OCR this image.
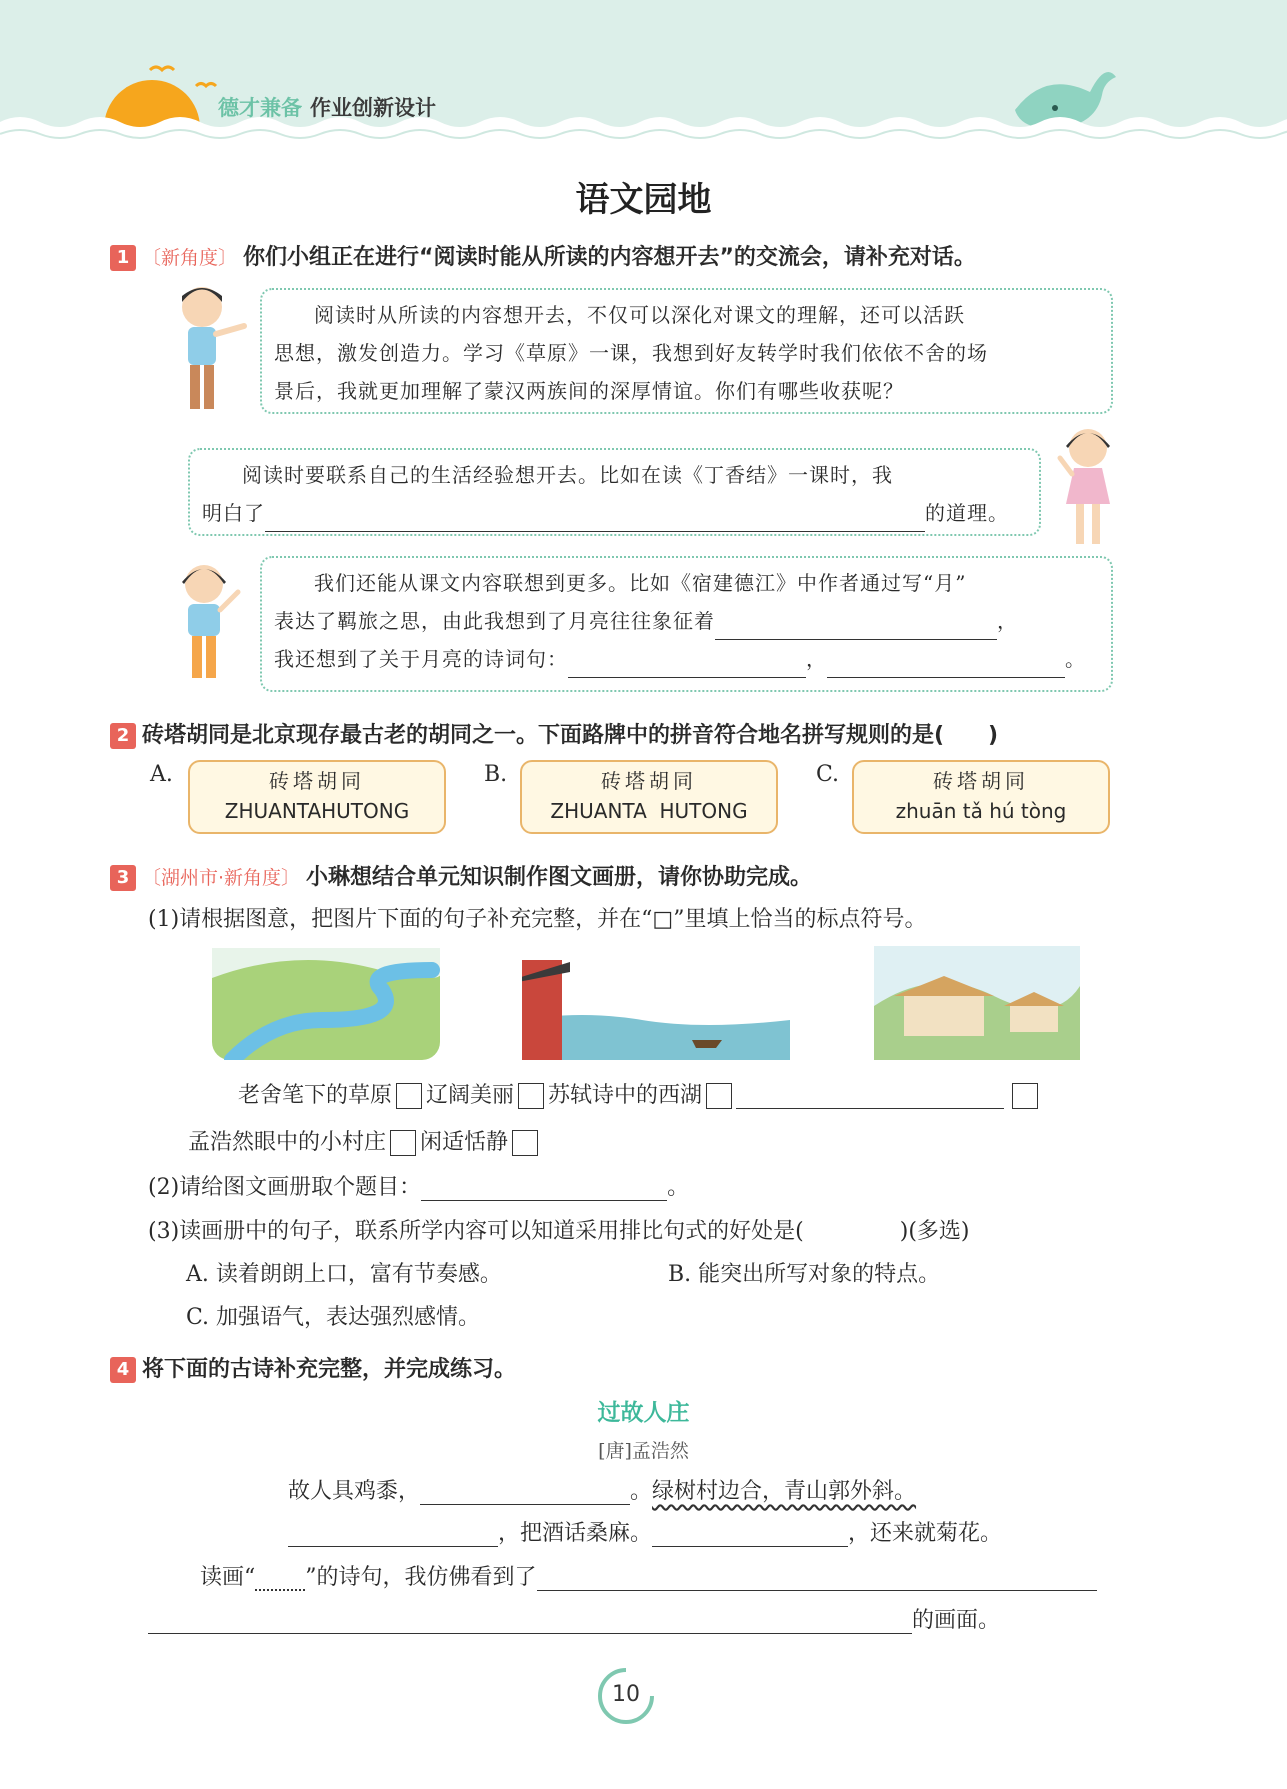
德才兼备 作业创新设计
语文园地
1 〔新角度〕 你们小组正在进行“阅读时能从所读的内容想开去”的交流会，请补充对话。
阅读时从所读的内容想开去，不仅可以深化对课文的理解，还可以活跃
思想，激发创造力。学习《草原》一课，我想到好友转学时我们依依不舍的场
景后，我就更加理解了蒙汉两族间的深厚情谊。你们有哪些收获呢？
阅读时要联系自己的生活经验想开去。比如在读《丁香结》一课时，我
明白了	的道理。
我们还能从课文内容联想到更多。比如《宿建德江》中作者通过写“月”
表达了羁旅之思，由此我想到了月亮往往象征着	，
我还想到了关于月亮的诗词句：	，	。
2 砖塔胡同是北京现存最古老的胡同之一。下面路牌中的拼音符合地名拼写规则的是(　　)
A.	砖塔胡同
ZHUANTAHUTONG
B.	砖塔胡同
ZHUANTA  HUTONG
C.	砖塔胡同
zhuān tǎ hú tòng
3 〔湖州市·新角度〕 小琳想结合单元知识制作图文画册，请你协助完成。
(1)请根据图意，把图片下面的句子补充完整，并在“□”里填上恰当的标点符号。
老舍笔下的草原 辽阔美丽 苏轼诗中的西湖
孟浩然眼中的小村庄 闲适恬静
(2)请给图文画册取个题目：	。
(3)读画册中的句子，联系所学内容可以知道采用排比句式的好处是(	)(多选)
A. 读着朗朗上口，富有节奏感。	B. 能突出所写对象的特点。
C. 加强语气，表达强烈感情。
4 将下面的古诗补充完整，并完成练习。
过故人庄
[唐]孟浩然
故人具鸡黍，	。绿树村边合，青山郭外斜。
，把酒话桑麻。	，还来就菊花。
读画“ ”的诗句，我仿佛看到了
的画面。
10
